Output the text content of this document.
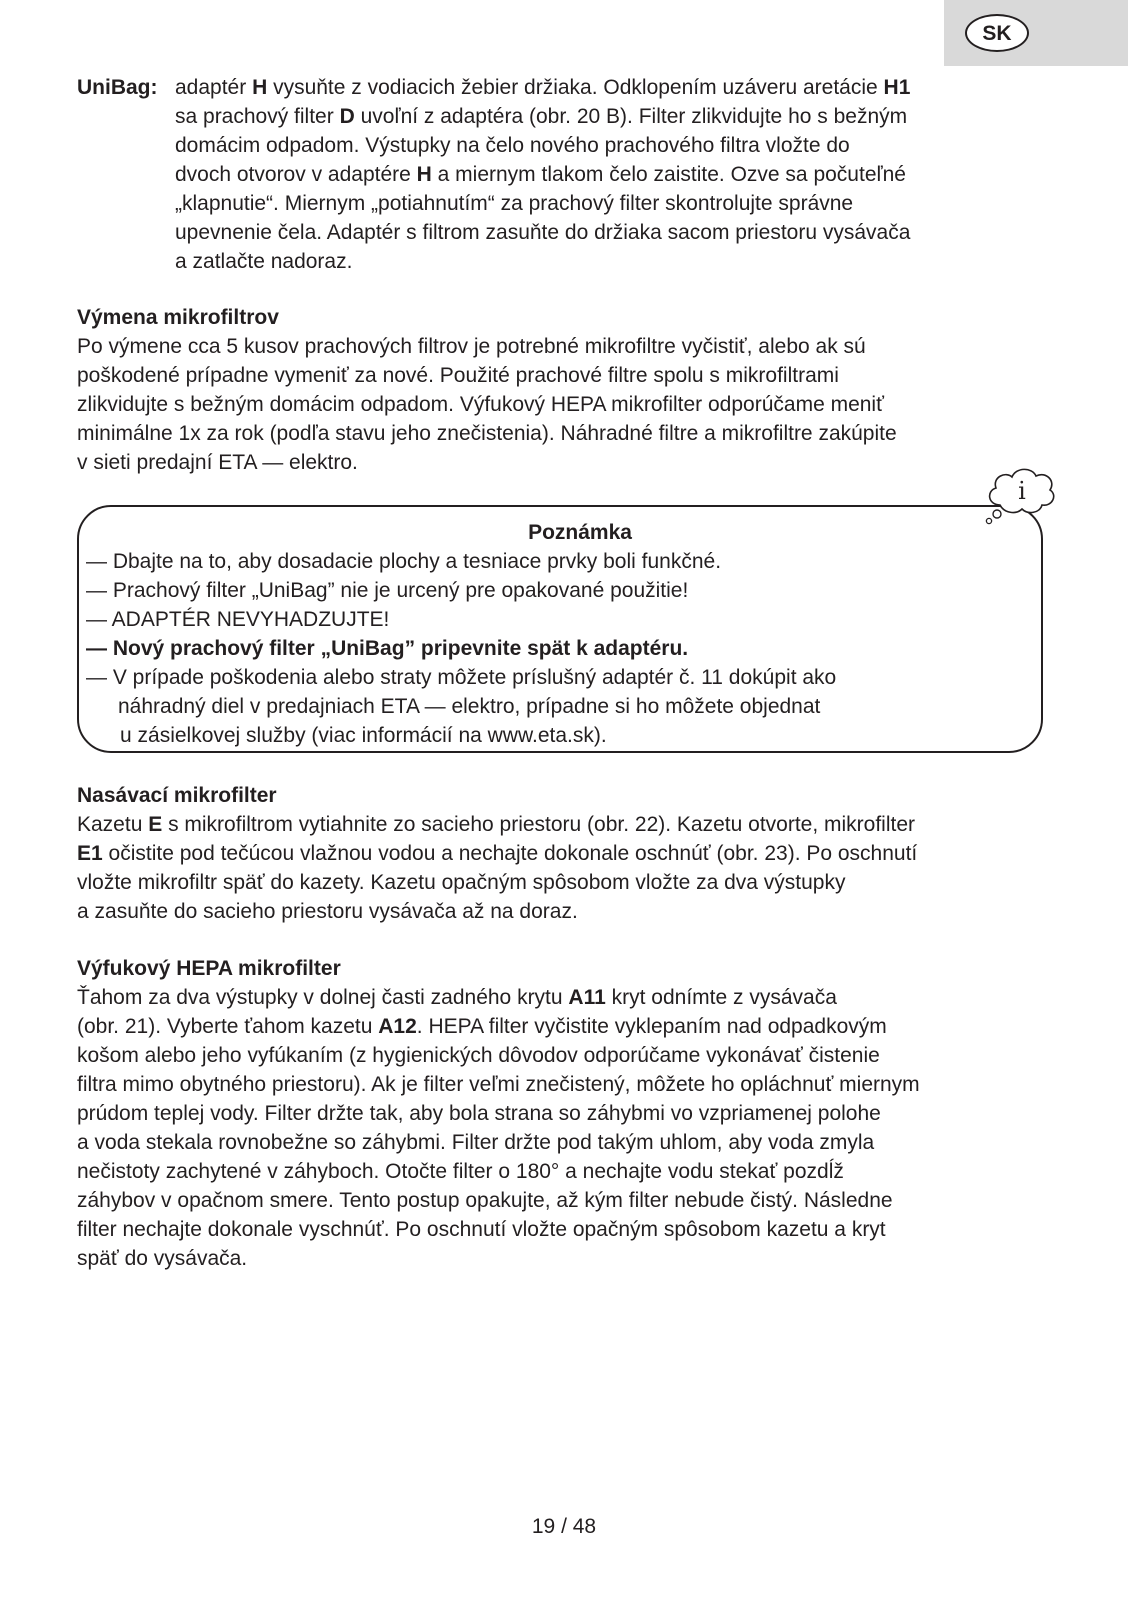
SK
UniBag: adaptér H vysuňte z vodiacich žebier držiaka. Odklopením uzáveru aretácie H1
sa prachový filter D uvoľní z adaptéra (obr. 20 B). Filter zlikvidujte ho s bežným
domácim odpadom. Výstupky na čelo nového prachového filtra vložte do
dvoch otvorov v adaptére H a miernym tlakom čelo zaistite. Ozve sa počuteľné
„klapnutie“. Miernym „potiahnutím“ za prachový filter skontrolujte správne
upevnenie čela. Adaptér s filtrom zasuňte do držiaka sacom priestoru vysávača
a zatlačte nadoraz.
Výmena mikrofiltrov
Po výmene cca 5 kusov prachových filtrov je potrebné mikrofiltre vyčistiť, alebo ak sú
poškodené prípadne vymeniť za nové. Použité prachové filtre spolu s mikrofiltrami
zlikvidujte s bežným domácim odpadom. Výfukový HEPA mikrofilter odporúčame meniť
minimálne 1x za rok (podľa stavu jeho znečistenia). Náhradné filtre a mikrofiltre zakúpite
v sieti predajní ETA — elektro.
i
Poznámka
— Dbajte na to, aby dosadacie plochy a tesniace prvky boli funkčné.
— Prachový filter „UniBag” nie je urcený pre opakované použitie!
— ADAPTÉR NEVYHADZUJTE!
— Nový prachový filter „UniBag” pripevnite spät k adaptéru.
— V prípade poškodenia alebo straty môžete príslušný adaptér č. 11 dokúpit ako
náhradný diel v predajniach ETA — elektro, prípadne si ho môžete objednat
u zásielkovej služby (viac informácií na www.eta.sk).
Nasávací mikrofilter
Kazetu E s mikrofiltrom vytiahnite zo sacieho priestoru (obr. 22). Kazetu otvorte, mikrofilter
E1 očistite pod tečúcou vlažnou vodou a nechajte dokonale oschnúť (obr. 23). Po oschnutí
vložte mikrofiltr späť do kazety. Kazetu opačným spôsobom vložte za dva výstupky
a zasuňte do sacieho priestoru vysávača až na doraz.
Výfukový HEPA mikrofilter
Ťahom za dva výstupky v dolnej časti zadného krytu A11 kryt odnímte z vysávača
(obr. 21). Vyberte ťahom kazetu A12. HEPA filter vyčistite vyklepaním nad odpadkovým
košom alebo jeho vyfúkaním (z hygienických dôvodov odporúčame vykonávať čistenie
filtra mimo obytného priestoru). Ak je filter veľmi znečistený, môžete ho opláchnuť miernym
prúdom teplej vody. Filter držte tak, aby bola strana so záhybmi vo vzpriamenej polohe
a voda stekala rovnobežne so záhybmi. Filter držte pod takým uhlom, aby voda zmyla
nečistoty zachytené v záhyboch. Otočte filter o 180° a nechajte vodu stekať pozdĺž
záhybov v opačnom smere. Tento postup opakujte, až kým filter nebude čistý. Následne
filter nechajte dokonale vyschnúť. Po oschnutí vložte opačným spôsobom kazetu a kryt
späť do vysávača.
19 / 48
